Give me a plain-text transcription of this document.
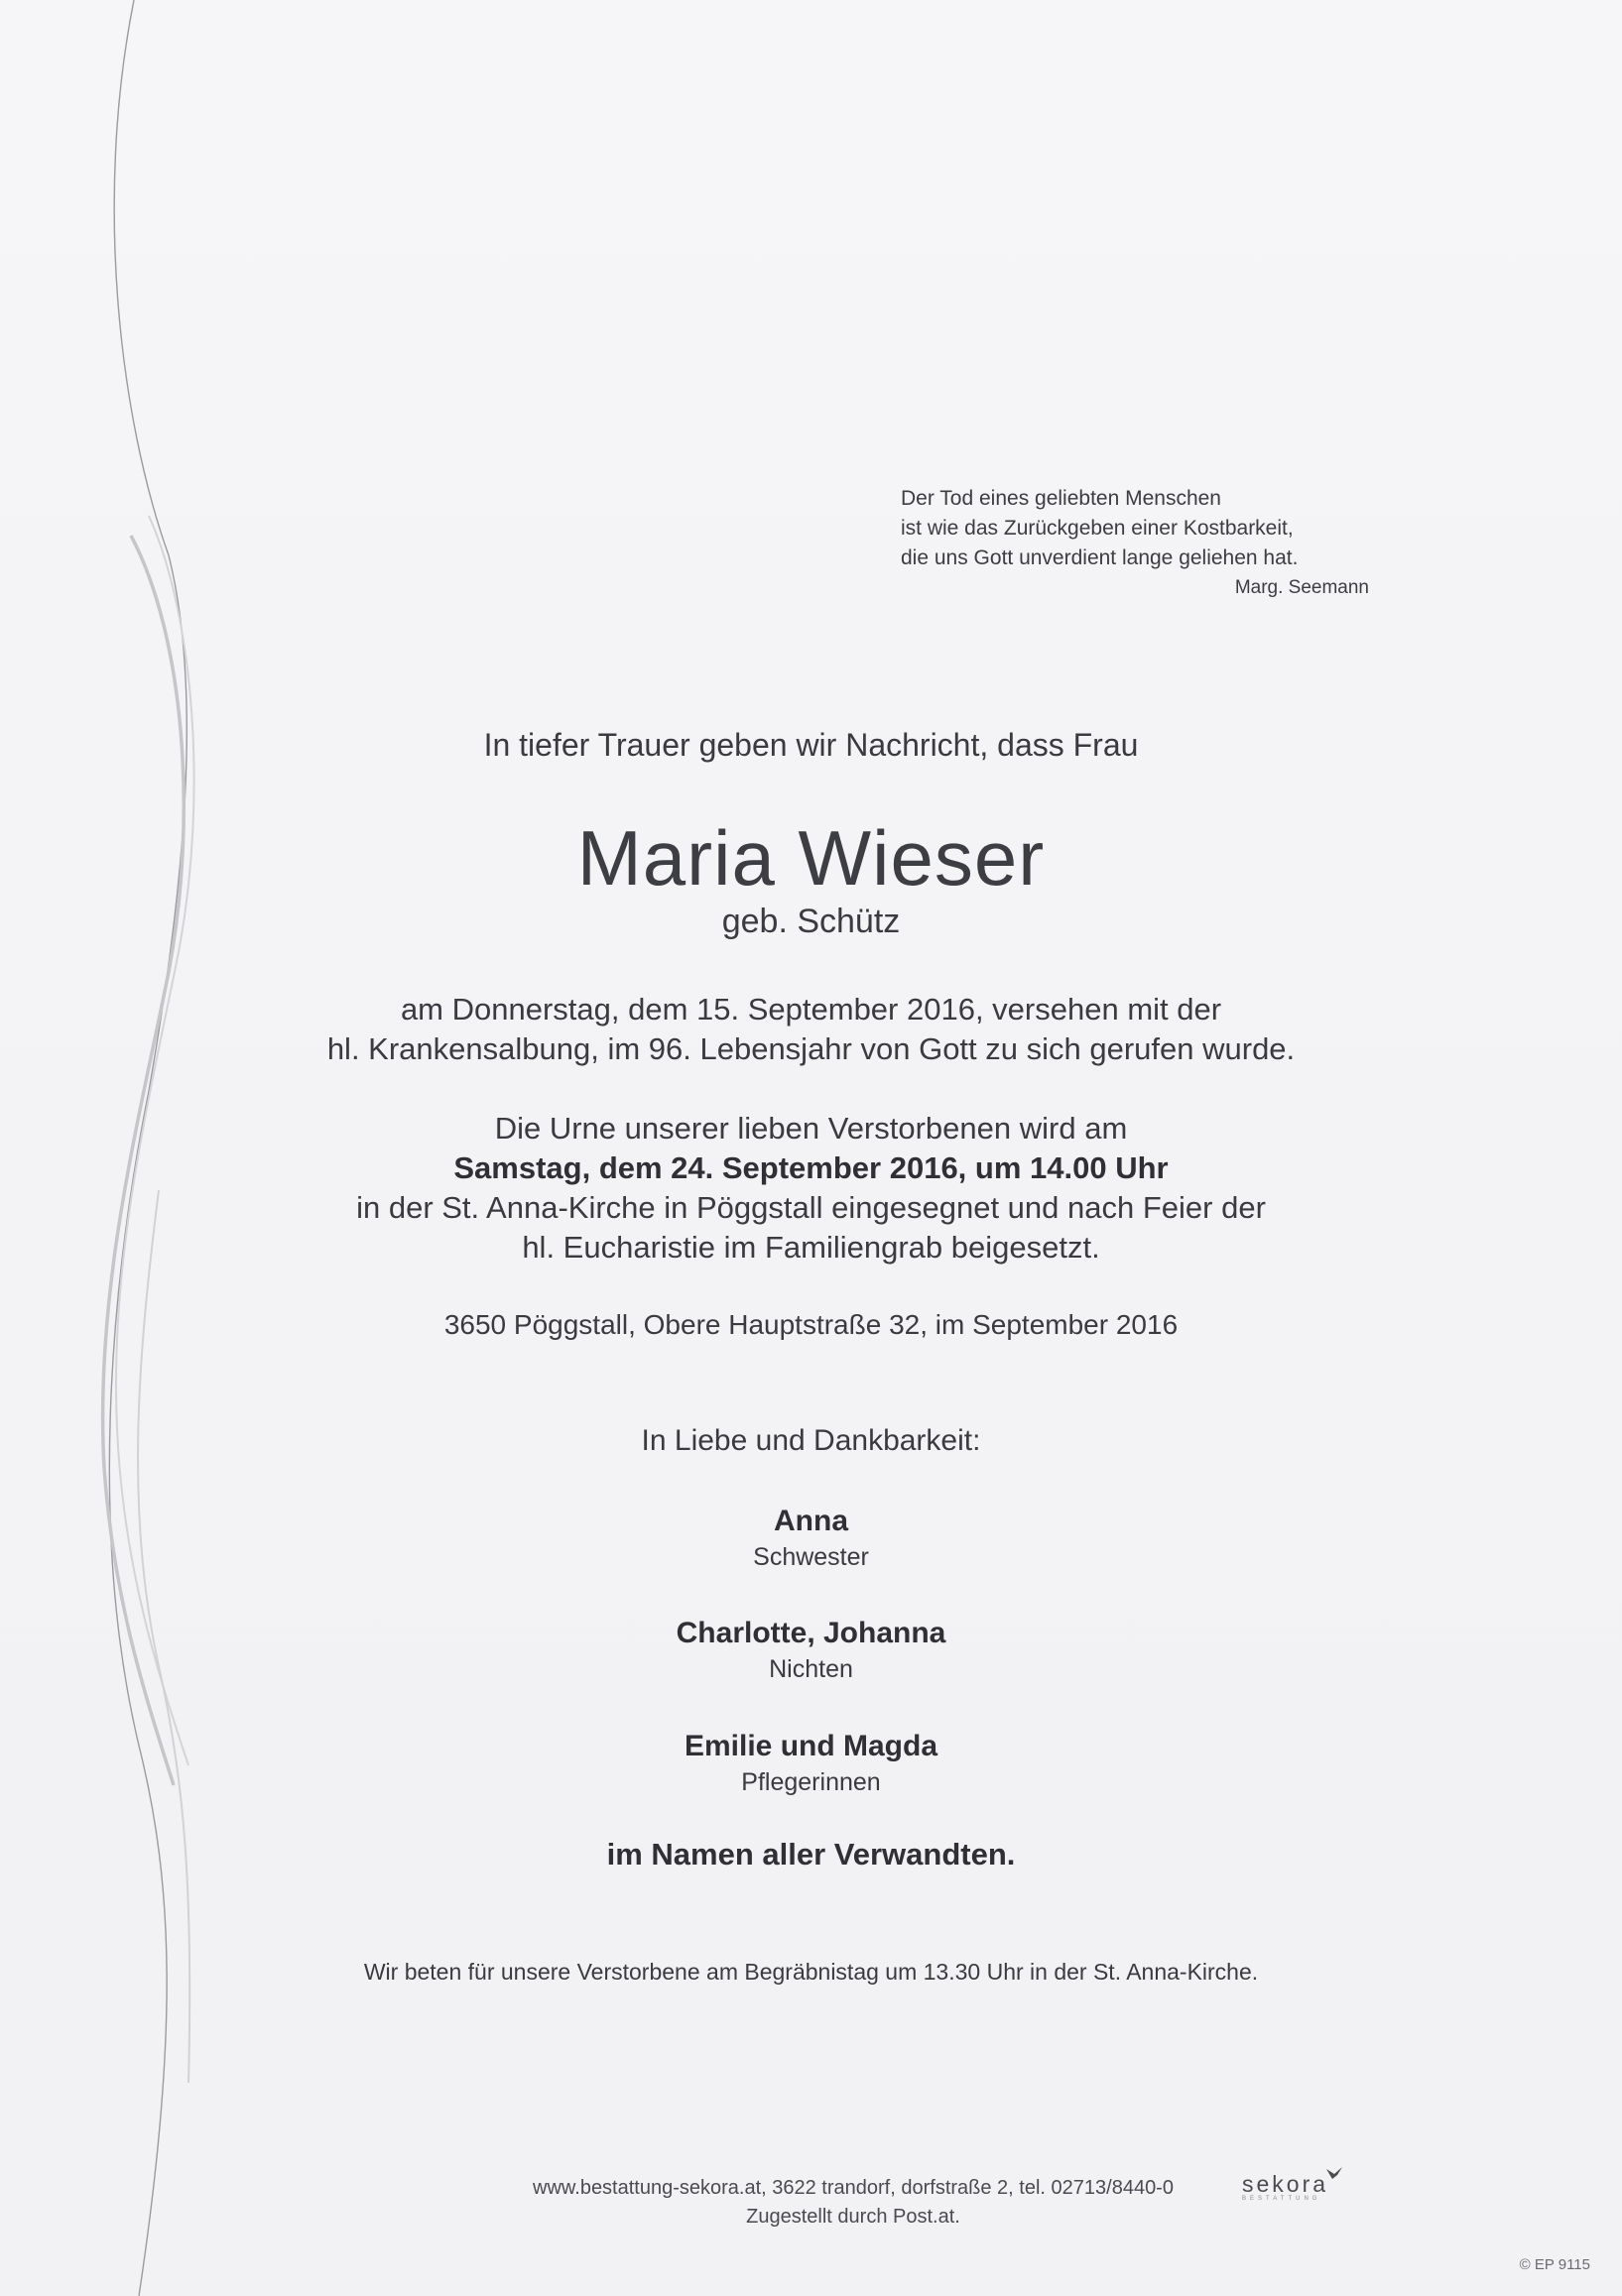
Der Tod eines geliebten Menschen
ist wie das Zurückgeben einer Kostbarkeit,
die uns Gott unverdient lange geliehen hat.
Marg. Seemann
In tiefer Trauer geben wir Nachricht, dass Frau
Maria Wieser
geb. Schütz
am Donnerstag, dem 15. September 2016, versehen mit der
hl. Krankensalbung, im 96. Lebensjahr von Gott zu sich gerufen wurde.
Die Urne unserer lieben Verstorbenen wird am
Samstag, dem 24. September 2016, um 14.00 Uhr
in der St. Anna-Kirche in Pöggstall eingesegnet und nach Feier der
hl. Eucharistie im Familiengrab beigesetzt.
3650 Pöggstall, Obere Hauptstraße 32, im September 2016
In Liebe und Dankbarkeit:
Anna
Schwester
Charlotte, Johanna
Nichten
Emilie und Magda
Pflegerinnen
im Namen aller Verwandten.
Wir beten für unsere Verstorbene am Begräbnistag um 13.30 Uhr in der St. Anna-Kirche.
www.bestattung-sekora.at, 3622 trandorf, dorfstraße 2, tel. 02713/8440-0
Zugestellt durch Post.at.
sekora
BESTATTUNG
© EP 9115
